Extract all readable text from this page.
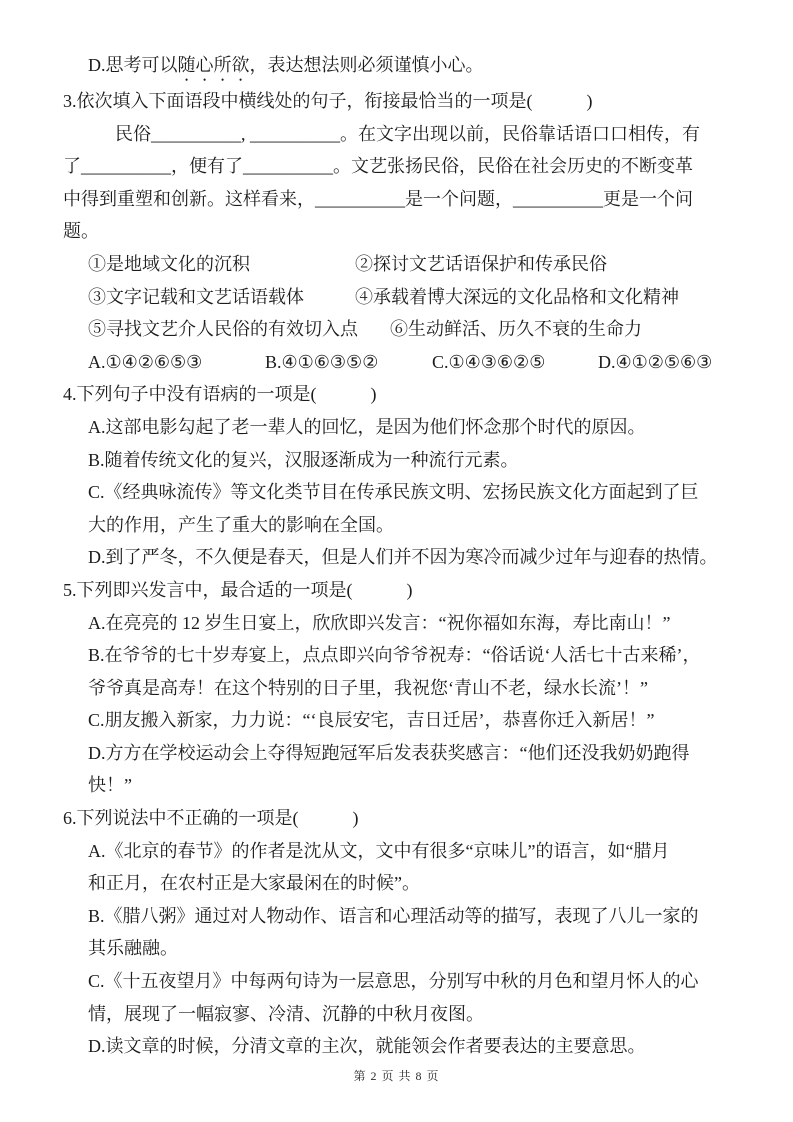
D.思考可以随心所欲，表达想法则必须谨慎小心。
3.依次填入下面语段中横线处的句子，衔接最恰当的一项是(　　　)
民俗__________, __________。在文字出现以前，民俗靠话语口口相传，有
了__________，便有了__________。文艺张扬民俗，民俗在社会历史的不断变革
中得到重塑和创新。这样看来，__________是一个问题，__________更是一个问
题。
①是地域文化的沉积	②探讨文艺话语保护和传承民俗
③文字记载和文艺话语载体	④承载着博大深远的文化品格和文化精神
⑤寻找文艺介人民俗的有效切入点 ⑥生动鲜活、历久不衰的生命力
A.①④②⑥⑤③	B.④①⑥③⑤②	C.①④③⑥②⑤	D.④①②⑤⑥③
4.下列句子中没有语病的一项是(　　　)
A.这部电影勾起了老一辈人的回忆，是因为他们怀念那个时代的原因。
B.随着传统文化的复兴，汉服逐渐成为一种流行元素。
C.《经典咏流传》等文化类节目在传承民族文明、宏扬民族文化方面起到了巨
大的作用，产生了重大的影响在全国。
D.到了严冬，不久便是春天，但是人们并不因为寒冷而减少过年与迎春的热情。
5.下列即兴发言中，最合适的一项是(　　　)
A.在亮亮的 12 岁生日宴上，欣欣即兴发言：“祝你福如东海，寿比南山！”
B.在爷爷的七十岁寿宴上，点点即兴向爷爷祝寿：“俗话说‘人活七十古来稀’，
爷爷真是高寿！在这个特别的日子里，我祝您‘青山不老，绿水长流’！”
C.朋友搬入新家，力力说：“‘良辰安宅，吉日迁居’，恭喜你迁入新居！”
D.方方在学校运动会上夺得短跑冠军后发表获奖感言：“他们还没我奶奶跑得
快！”
6.下列说法中不正确的一项是(　　　)
A.《北京的春节》的作者是沈从文，文中有很多“京味儿”的语言，如“腊月
和正月，在农村正是大家最闲在的时候”。
B.《腊八粥》通过对人物动作、语言和心理活动等的描写，表现了八儿一家的
其乐融融。
C.《十五夜望月》中每两句诗为一层意思，分别写中秋的月色和望月怀人的心
情，展现了一幅寂寥、冷清、沉静的中秋月夜图。
D.读文章的时候，分清文章的主次，就能领会作者要表达的主要意思。
第 2 页 共 8 页
